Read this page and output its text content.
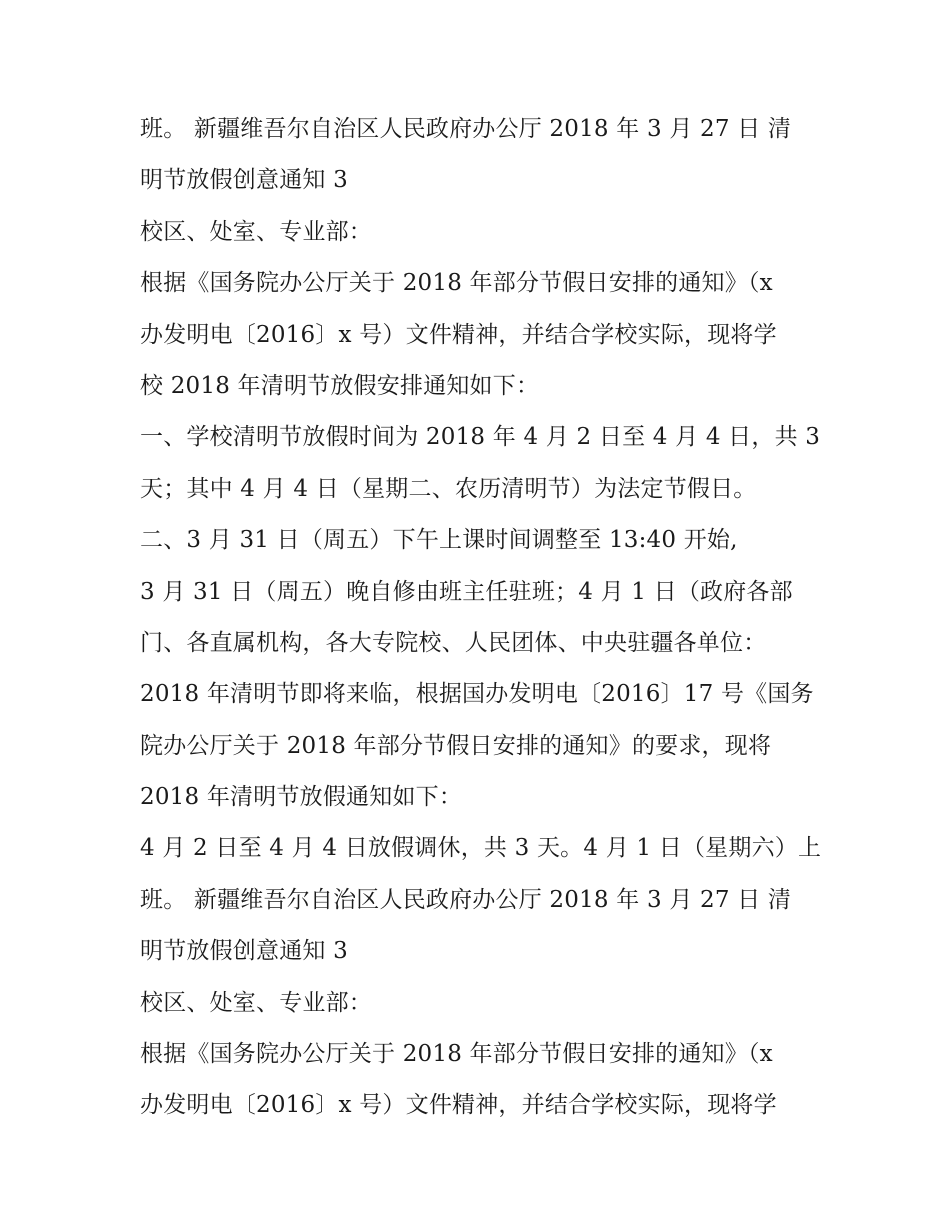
班。 新疆维吾尔自治区人民政府办公厅 2018 年 3 月 27 日 清
明节放假创意通知 3
校区、处室、专业部：
根据《国务院办公厅关于 2018 年部分节假日安排的通知》（x
办发明电〔2016〕x 号）文件精神，并结合学校实际，现将学
校 2018 年清明节放假安排通知如下：
一、学校清明节放假时间为 2018 年 4 月 2 日至 4 月 4 日，共 3
天；其中 4 月 4 日（星期二、农历清明节）为法定节假日。
二、3 月 31 日（周五）下午上课时间调整至 13:40 开始,
3 月 31 日（周五）晚自修由班主任驻班；4 月 1 日（政府各部
门、各直属机构，各大专院校、人民团体、中央驻疆各单位：
2018 年清明节即将来临，根据国办发明电〔2016〕17 号《国务
院办公厅关于 2018 年部分节假日安排的通知》的要求，现将
2018 年清明节放假通知如下：
4 月 2 日至 4 月 4 日放假调休，共 3 天。4 月 1 日（星期六）上
班。 新疆维吾尔自治区人民政府办公厅 2018 年 3 月 27 日 清
明节放假创意通知 3
校区、处室、专业部：
根据《国务院办公厅关于 2018 年部分节假日安排的通知》（x
办发明电〔2016〕x 号）文件精神，并结合学校实际，现将学
